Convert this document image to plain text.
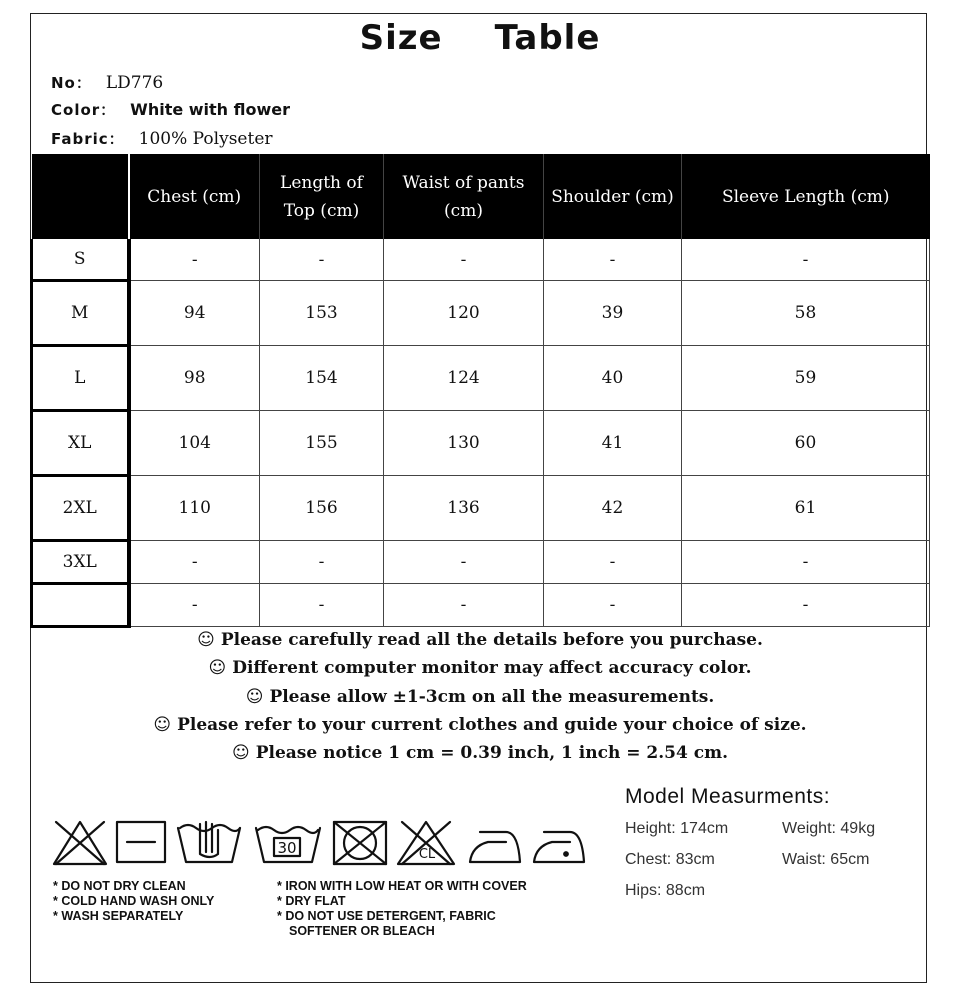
Size Table
No： LD776
Color： White with flower
Fabric： 100% Polyseter
	Chest (cm)	Length of Top (cm)	Waist of pants (cm)	Shoulder (cm)	Sleeve Length (cm)
S	-	-	-	-	-
M	94	153	120	39	58
L	98	154	124	40	59
XL	104	155	130	41	60
2XL	110	156	136	42	61
3XL	-	-	-	-	-
	-	-	-	-	-
☺ Please carefully read all the details before you purchase.
☺ Different computer monitor may affect accuracy color.
☺ Please allow ±1-3cm on all the measurements.
☺ Please refer to your current clothes and guide your choice of size.
☺ Please notice 1 cm = 0.39 inch, 1 inch = 2.54 cm.
30	CL
* DO NOT DRY CLEAN
* COLD HAND WASH ONLY
* WASH SEPARATELY
* IRON WITH LOW HEAT OR WITH COVER
* DRY FLAT
* DO NOT USE DETERGENT, FABRIC
SOFTENER OR BLEACH
Model Measurments:
Height: 174cm	Weight: 49kg
Chest: 83cm	Waist: 65cm
Hips: 88cm
